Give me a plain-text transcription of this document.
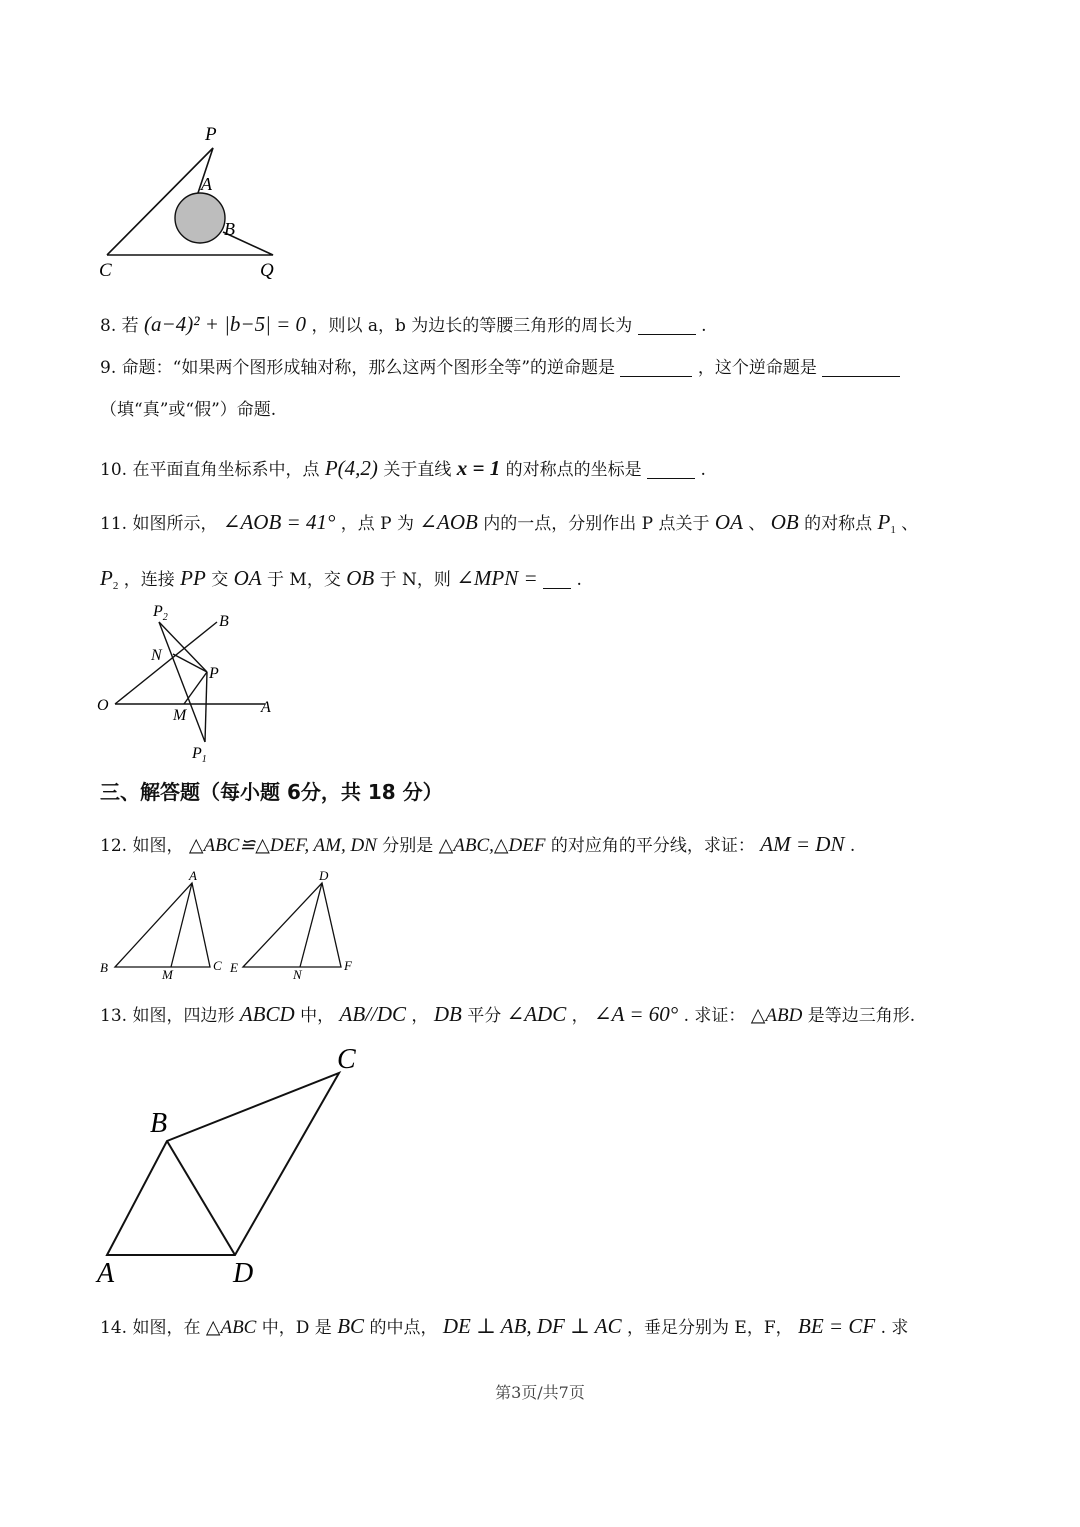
P
A
B
C	Q
8. 若 (a−4)² + |b−5| = 0 ，则以 a，b 为边长的等腰三角形的周长为	.
9. 命题：“如果两个图形成轴对称，那么这两个图形全等”的逆命题是	，这个逆命题是
（填“真”或“假”）命题.
10. 在平面直角坐标系中，点 P(4,2) 关于直线 x = 1 的对称点的坐标是	.
11. 如图所示， ∠AOB = 41° ，点 P 为 ∠AOB 内的一点，分别作出 P 点关于 OA 、 OB 的对称点 $P_1$ 、
$P_2$ ，连接 PP 交 OA 于 M，交 OB 于 N，则 ∠MPN = .
$P_2$	B
N
P
O
M	A
$P_1$
三、解答题（每小题 6分，共 18 分）
12. 如图， △ABC≌△DEF, AM, DN 分别是 △ABC,△DEF 的对应角的平分线，求证： AM = DN .
A
B	M
C
D
E	N
F
13. 如图，四边形 ABCD 中， AB//DC ， DB 平分 ∠ADC ， ∠A = 60° . 求证： △ABD 是等边三角形.
A
B
C
D
14. 如图，在 △ABC 中，D 是 BC 的中点， DE ⊥ AB, DF ⊥ AC ，垂足分别为 E，F， BE = CF . 求
第3页/共7页
